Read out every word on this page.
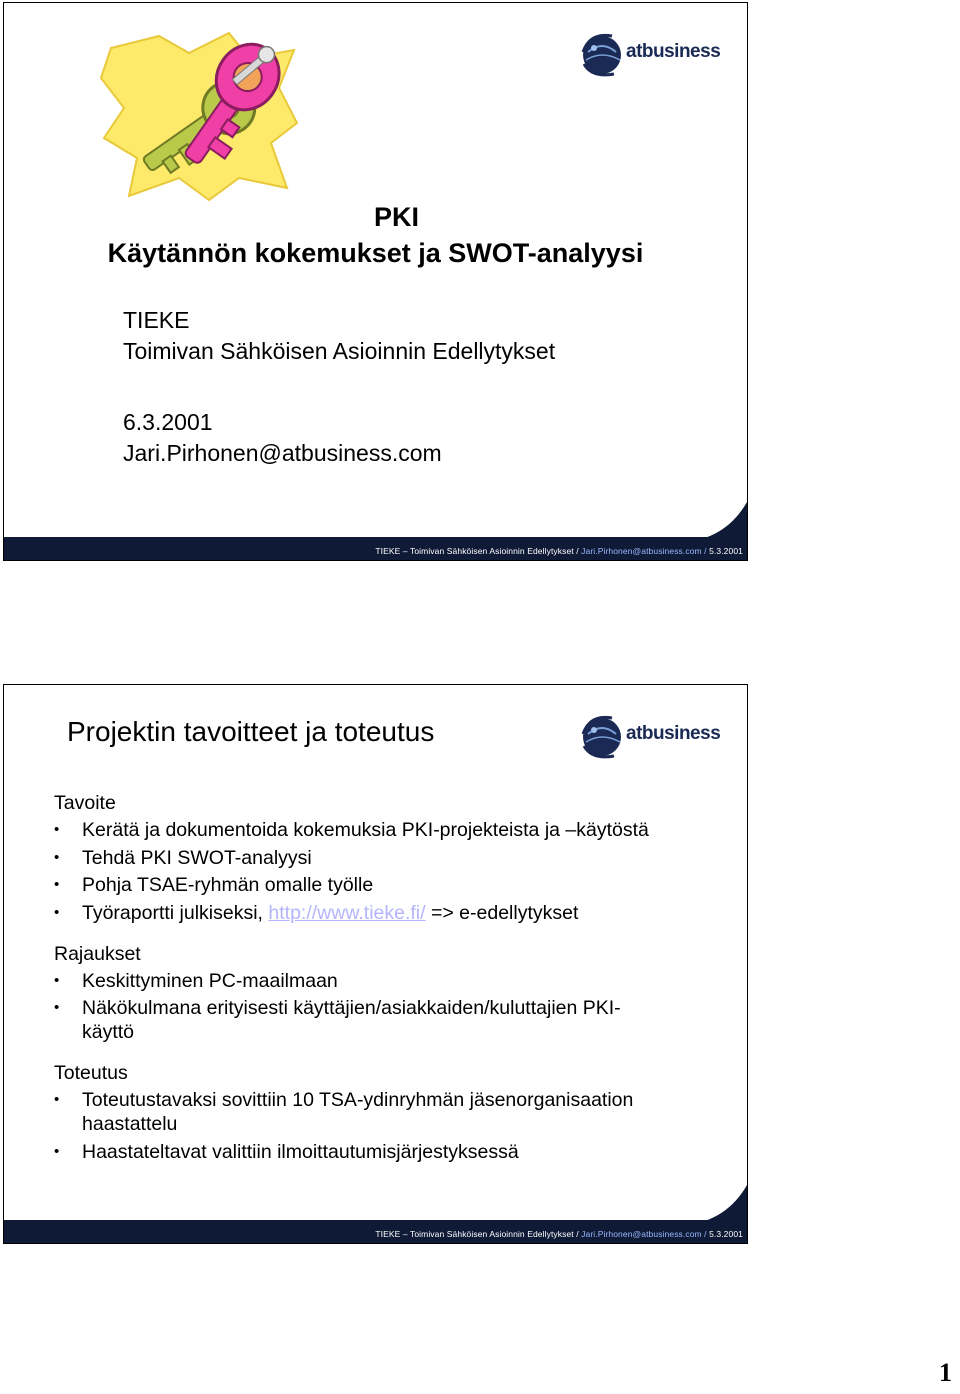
atbusiness
PKI
Käytännön kokemukset ja SWOT-analyysi
TIEKE
Toimivan Sähköisen Asioinnin Edellytykset
6.3.2001
Jari.Pirhonen@atbusiness.com
TIEKE – Toimivan Sähköisen Asioinnin Edellytykset / Jari.Pirhonen@atbusiness.com / 5.3.2001
Projektin tavoitteet ja toteutus	atbusiness
Tavoite
• Kerätä ja dokumentoida kokemuksia PKI-projekteista ja –käytöstä
• Tehdä PKI SWOT-analyysi
• Pohja TSAE-ryhmän omalle työlle
• Työraportti julkiseksi, http://www.tieke.fi/ => e-edellytykset
Rajaukset
• Keskittyminen PC-maailmaan
• Näkökulmana erityisesti käyttäjien/asiakkaiden/kuluttajien PKI-käyttö
Toteutus
• Toteutustavaksi sovittiin 10 TSA-ydinryhmän jäsenorganisaation haastattelu
• Haastateltavat valittiin ilmoittautumisjärjestyksessä
TIEKE – Toimivan Sähköisen Asioinnin Edellytykset / Jari.Pirhonen@atbusiness.com / 5.3.2001
1
